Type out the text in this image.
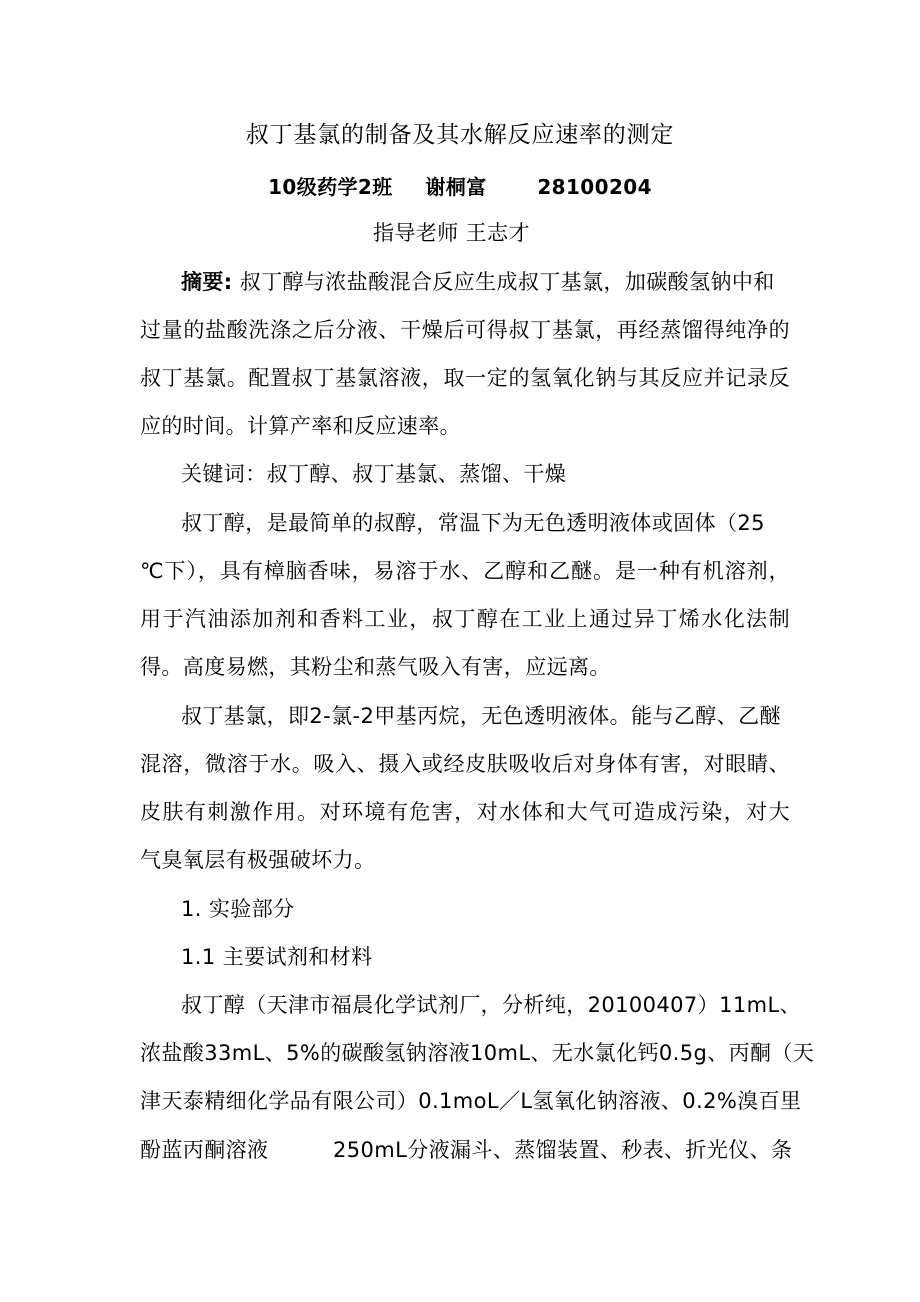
叔丁基氯的制备及其水解反应速率的测定
10级药学2班 谢桐富	28100204
指导老师 王志才
摘要: 叔丁醇与浓盐酸混合反应生成叔丁基氯，加碳酸氢钠中和
过量的盐酸洗涤之后分液、干燥后可得叔丁基氯，再经蒸馏得纯净的
叔丁基氯。配置叔丁基氯溶液，取一定的氢氧化钠与其反应并记录反
应的时间。计算产率和反应速率。
关键词：叔丁醇、叔丁基氯、蒸馏、干燥
叔丁醇，是最简单的叔醇，常温下为无色透明液体或固体（25
℃下），具有樟脑香味，易溶于水、乙醇和乙醚。是一种有机溶剂，
用于汽油添加剂和香料工业，叔丁醇在工业上通过异丁烯水化法制
得。高度易燃，其粉尘和蒸气吸入有害，应远离。
叔丁基氯，即2-氯-2甲基丙烷，无色透明液体。能与乙醇、乙醚
混溶，微溶于水。吸入、摄入或经皮肤吸收后对身体有害，对眼睛、
皮肤有刺激作用。对环境有危害，对水体和大气可造成污染，对大
气臭氧层有极强破坏力。
1. 实验部分
1.1 主要试剂和材料
叔丁醇（天津市福晨化学试剂厂，分析纯，20100407）11mL、
浓盐酸33mL、5%的碳酸氢钠溶液10mL、无水氯化钙0.5g、丙酮（天
津天泰精细化学品有限公司）0.1moL／L氢氧化钠溶液、0.2%溴百里
酚蓝丙酮溶液	250mL分液漏斗、蒸馏装置、秒表、折光仪、条
